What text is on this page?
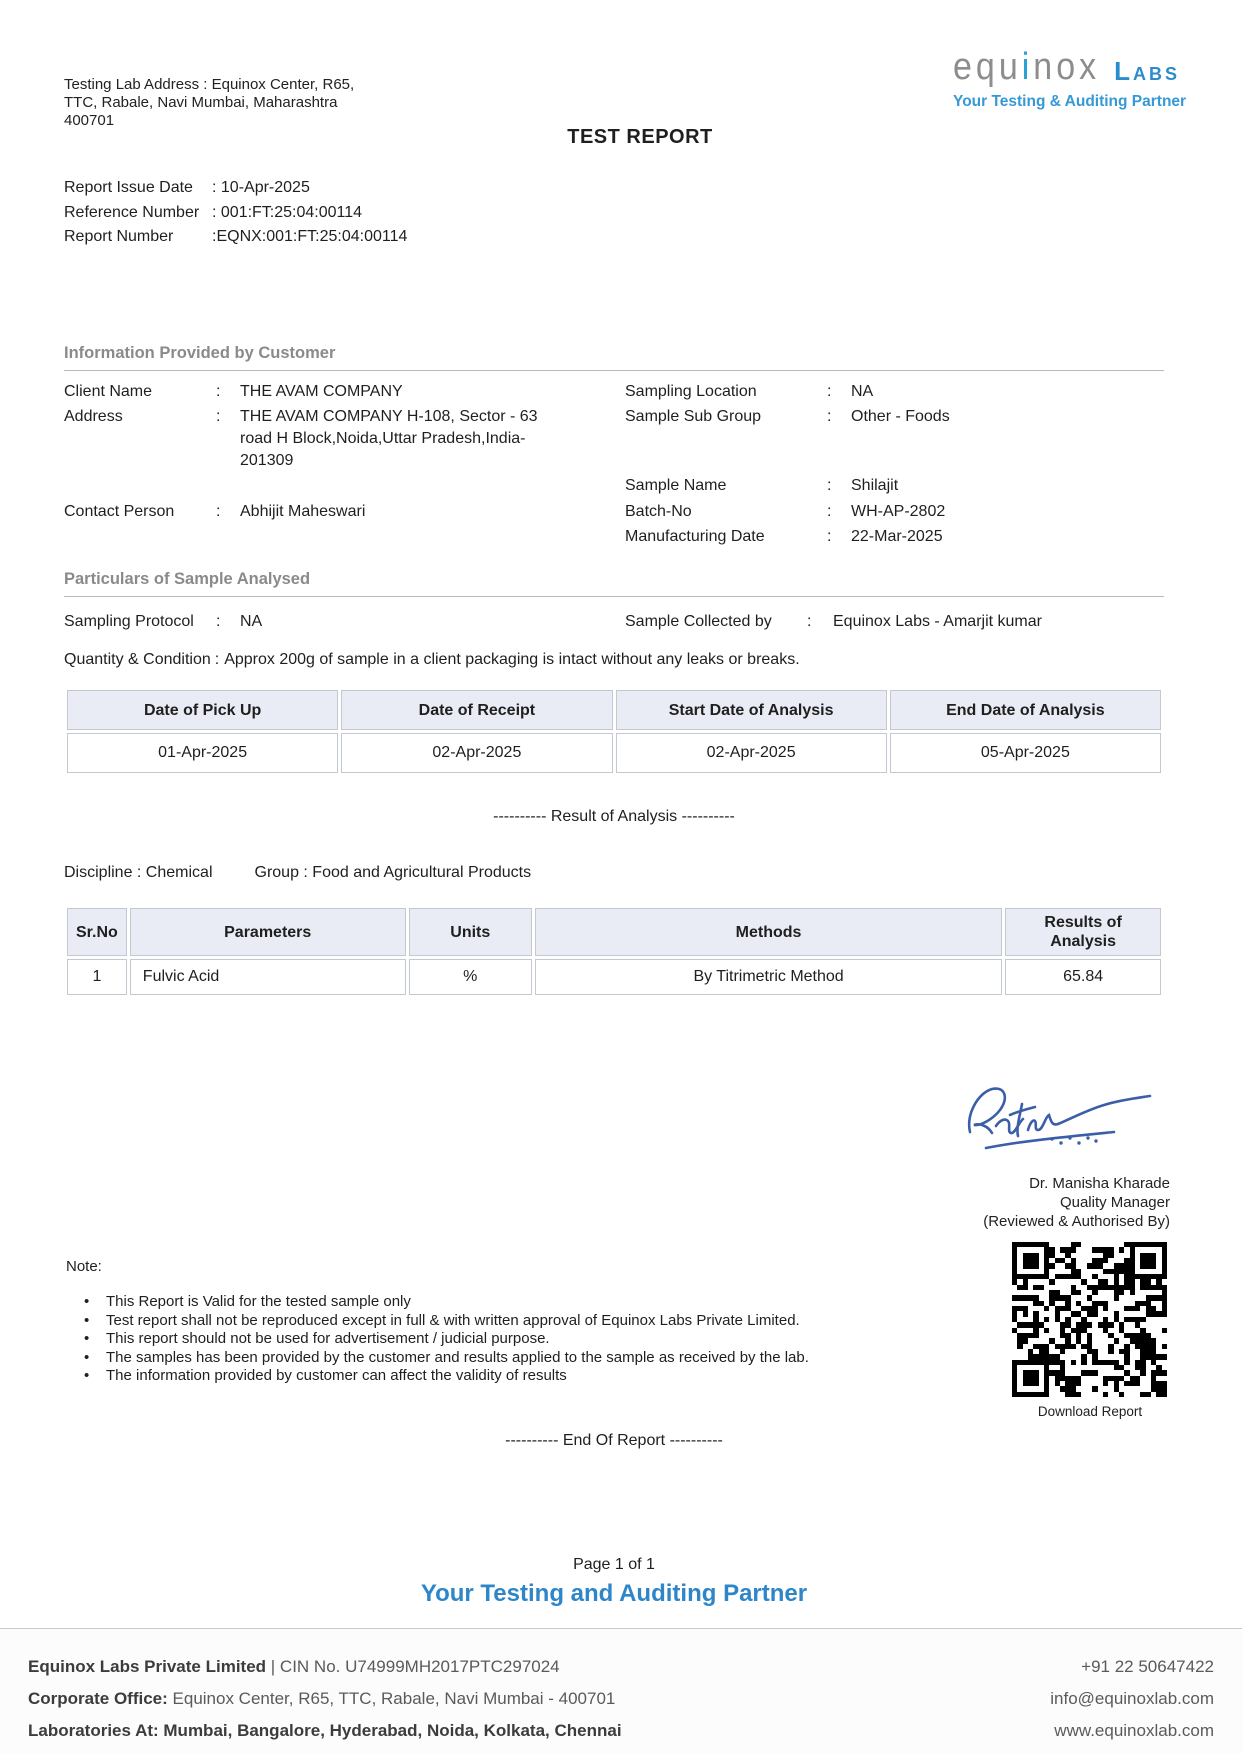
Testing Lab Address : Equinox Center, R65,
TTC, Rabale, Navi Mumbai, Maharashtra
400701
equinox Labs
Your Testing & Auditing Partner
TEST REPORT
Report Issue Date	: 10-Apr-2025
Reference Number : 001:FT:25:04:00114
Report Number	:EQNX:001:FT:25:04:00114
Information Provided by Customer
Client Name	:	THE AVAM COMPANY
Address	:	THE AVAM COMPANY H-108, Sector - 63 road H Block,Noida,Uttar Pradesh,India-201309
Contact Person	:	Abhijit Maheswari
Sampling Location	:	NA
Sample Sub Group	:	Other - Foods
Sample Name	:	Shilajit
Batch-No	:	WH-AP-2802
Manufacturing Date	:	22-Mar-2025
Particulars of Sample Analysed
Sampling Protocol	:	NA	Sample Collected by	:	Equinox Labs - Amarjit kumar
Quantity & Condition : Approx 200g of sample in a client packaging is intact without any leaks or breaks.
Date of Pick Up	Date of Receipt	Start Date of Analysis	End Date of Analysis
01-Apr-2025	02-Apr-2025	02-Apr-2025	05-Apr-2025
---------- Result of Analysis ----------
Discipline : Chemical	Group : Food and Agricultural Products
Sr.No	Parameters	Units	Methods	Results of Analysis
1	Fulvic Acid	%	By Titrimetric Method	65.84
Dr. Manisha Kharade
Quality Manager
(Reviewed & Authorised By)
Download Report
Note:
•	This Report is Valid for the tested sample only
•	Test report shall not be reproduced except in full & with written approval of Equinox Labs Private Limited.
•	This report should not be used for advertisement / judicial purpose.
•	The samples has been provided by the customer and results applied to the sample as received by the lab.
•	The information provided by customer can affect the validity of results
---------- End Of Report ----------
Page 1 of 1
Your Testing and Auditing Partner
Equinox Labs Private Limited | CIN No. U74999MH2017PTC297024
Corporate Office: Equinox Center, R65, TTC, Rabale, Navi Mumbai - 400701
Laboratories At: Mumbai, Bangalore, Hyderabad, Noida, Kolkata, Chennai
+91 22 50647422
info@equinoxlab.com
www.equinoxlab.com
